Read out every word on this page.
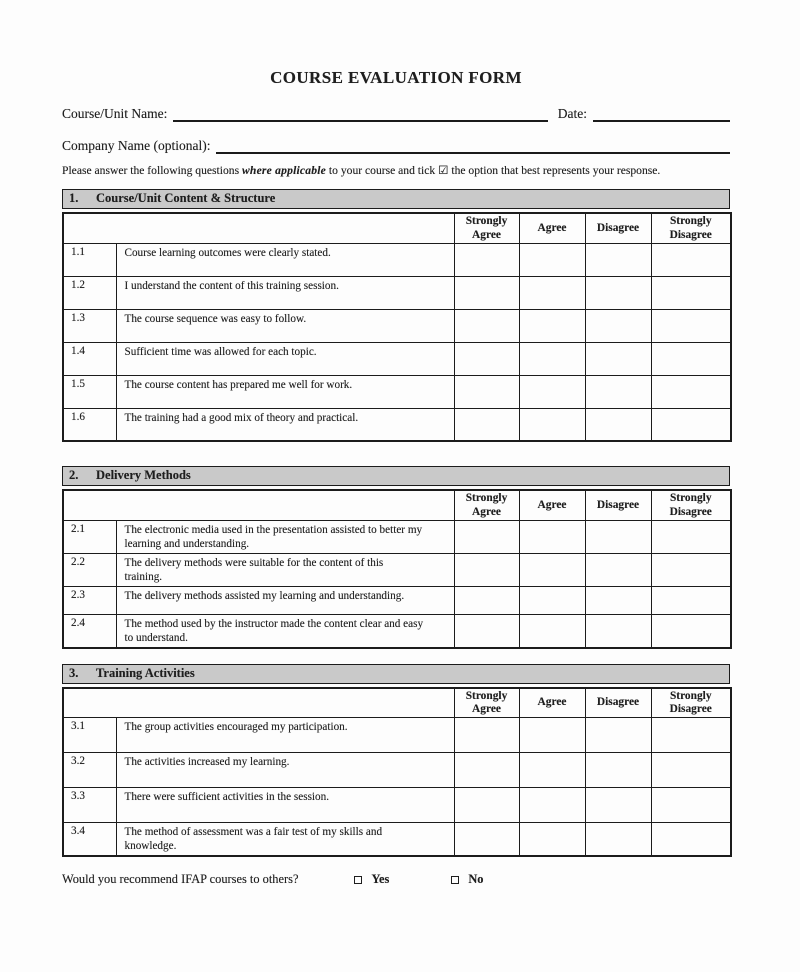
COURSE EVALUATION FORM
Course/Unit Name:	Date:
Company Name (optional):

Please answer the following questions where applicable to your course and tick ☑ the option that best represents your response.

1. Course/Unit Content & Structure
		Strongly Agree	Agree	Disagree	Strongly Disagree
1.1	Course learning outcomes were clearly stated.				
1.2	I understand the content of this training session.				
1.3	The course sequence was easy to follow.				
1.4	Sufficient time was allowed for each topic.				
1.5	The course content has prepared me well for work.				
1.6	The training had a good mix of theory and practical.				
2. Delivery Methods
		Strongly Agree	Agree	Disagree	Strongly Disagree
2.1	The electronic media used in the presentation assisted to better my learning and understanding.				
2.2	The delivery methods were suitable for the content of this training.				
2.3	The delivery methods assisted my learning and understanding.				
2.4	The method used by the instructor made the content clear and easy to understand.				
3. Training Activities
		Strongly Agree	Agree	Disagree	Strongly Disagree
3.1	The group activities encouraged my participation.				
3.2	The activities increased my learning.				
3.3	There were sufficient activities in the session.				
3.4	The method of assessment was a fair test of my skills and knowledge.				
Would you recommend IFAP courses to others?	Yes	No
